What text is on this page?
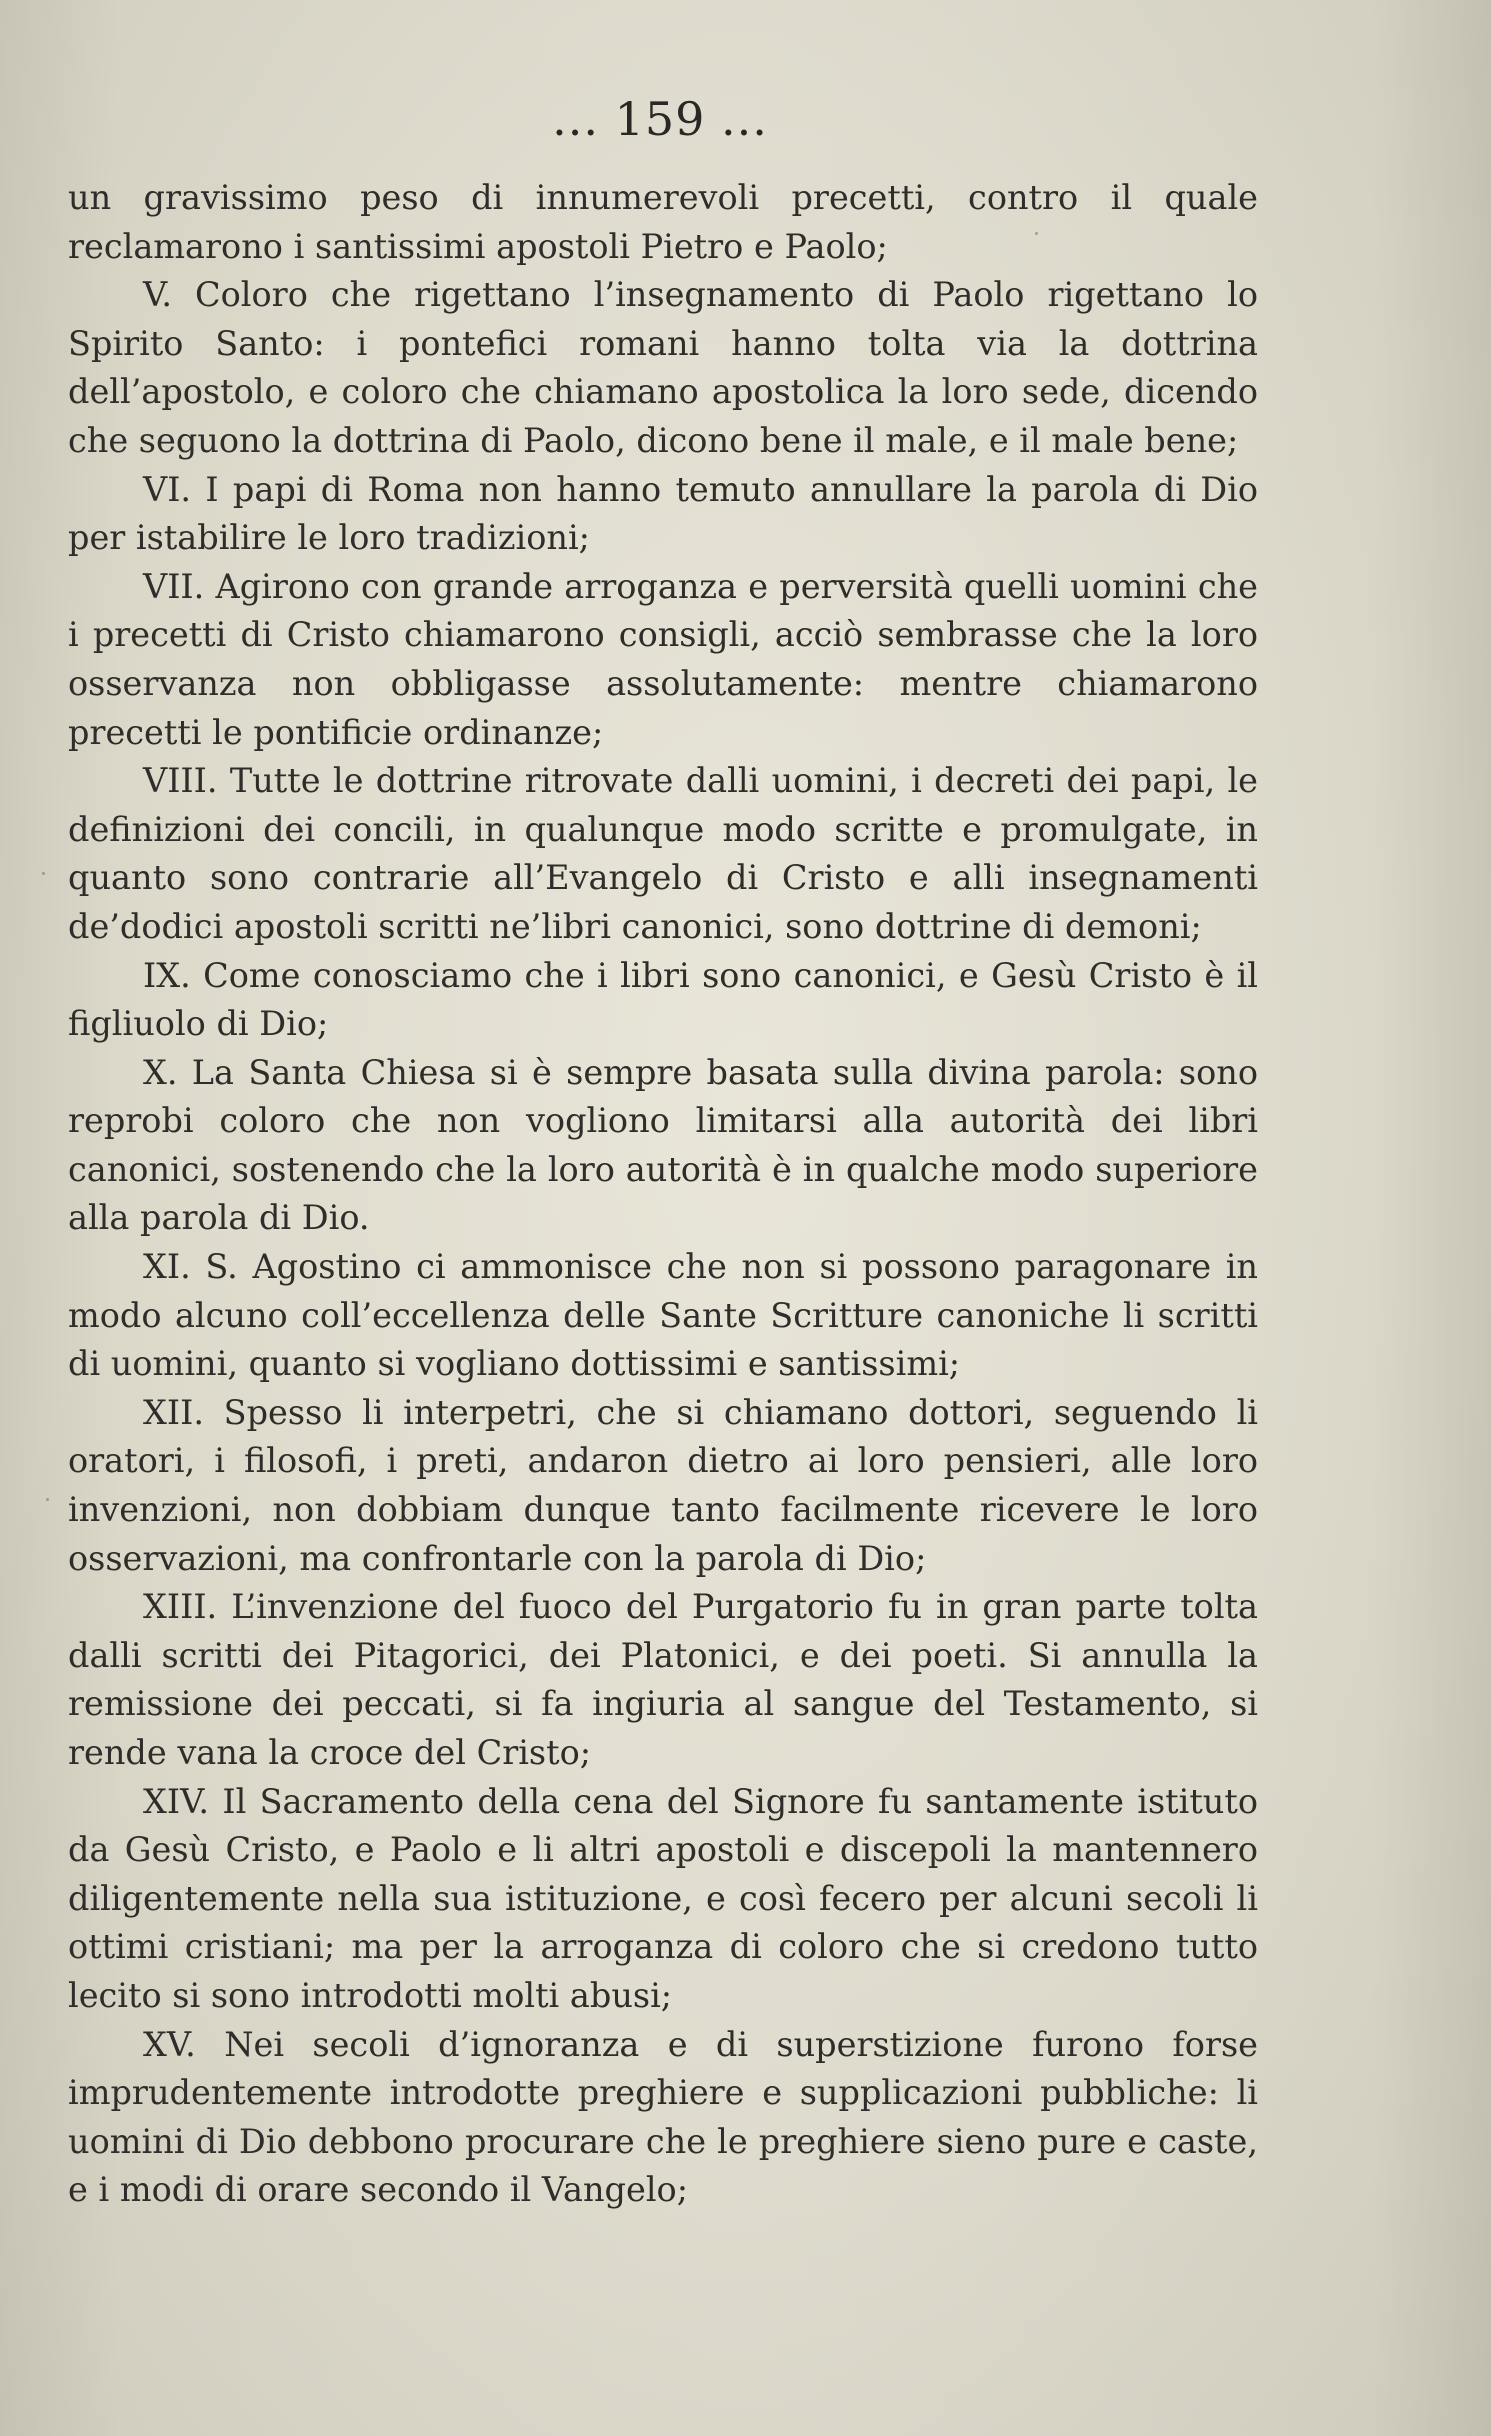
... 159 ...

un gravissimo peso di innumerevoli precetti, contro il quale reclamarono i santissimi apostoli Pietro e Paolo;

V. Coloro che rigettano l’insegnamento di Paolo rigettano lo Spirito Santo: i pontefici romani hanno tolta via la dottrina dell’apostolo, e coloro che chiamano apostolica la loro sede, dicendo che seguono la dottrina di Paolo, dicono bene il male, e il male bene;

VI. I papi di Roma non hanno temuto annullare la parola di Dio per istabilire le loro tradizioni;

VII. Agirono con grande arroganza e perversità quelli uomini che i precetti di Cristo chiamarono consigli, acciò sembrasse che la loro osservanza non obbligasse assolutamente: mentre chiamarono precetti le pontificie ordinanze;

VIII. Tutte le dottrine ritrovate dalli uomini, i decreti dei papi, le definizioni dei concili, in qualunque modo scritte e promulgate, in quanto sono contrarie all’Evangelo di Cristo e alli insegnamenti de’dodici apostoli scritti ne’libri canonici, sono dottrine di demoni;

IX. Come conosciamo che i libri sono canonici, e Gesù Cristo è il figliuolo di Dio;

X. La Santa Chiesa si è sempre basata sulla divina parola: sono reprobi coloro che non vogliono limitarsi alla autorità dei libri canonici, sostenendo che la loro autorità è in qualche modo superiore alla parola di Dio.

XI. S. Agostino ci ammonisce che non si possono paragonare in modo alcuno coll’eccellenza delle Sante Scritture canoniche li scritti di uomini, quanto si vogliano dottissimi e santissimi;

XII. Spesso li interpetri, che si chiamano dottori, seguendo li oratori, i filosofi, i preti, andaron dietro ai loro pensieri, alle loro invenzioni, non dobbiam dunque tanto facilmente ricevere le loro osservazioni, ma confrontarle con la parola di Dio;

XIII. L’invenzione del fuoco del Purgatorio fu in gran parte tolta dalli scritti dei Pitagorici, dei Platonici, e dei poeti. Si annulla la remissione dei peccati, si fa ingiuria al sangue del Testamento, si rende vana la croce del Cristo;

XIV. Il Sacramento della cena del Signore fu santamente istituto da Gesù Cristo, e Paolo e li altri apostoli e discepoli la mantennero diligentemente nella sua istituzione, e così fecero per alcuni secoli li ottimi cristiani; ma per la arroganza di coloro che si credono tutto lecito si sono introdotti molti abusi;

XV. Nei secoli d’ignoranza e di superstizione furono forse imprudentemente introdotte preghiere e supplicazioni pubbliche: li uomini di Dio debbono procurare che le preghiere sieno pure e caste, e i modi di orare secondo il Vangelo;
